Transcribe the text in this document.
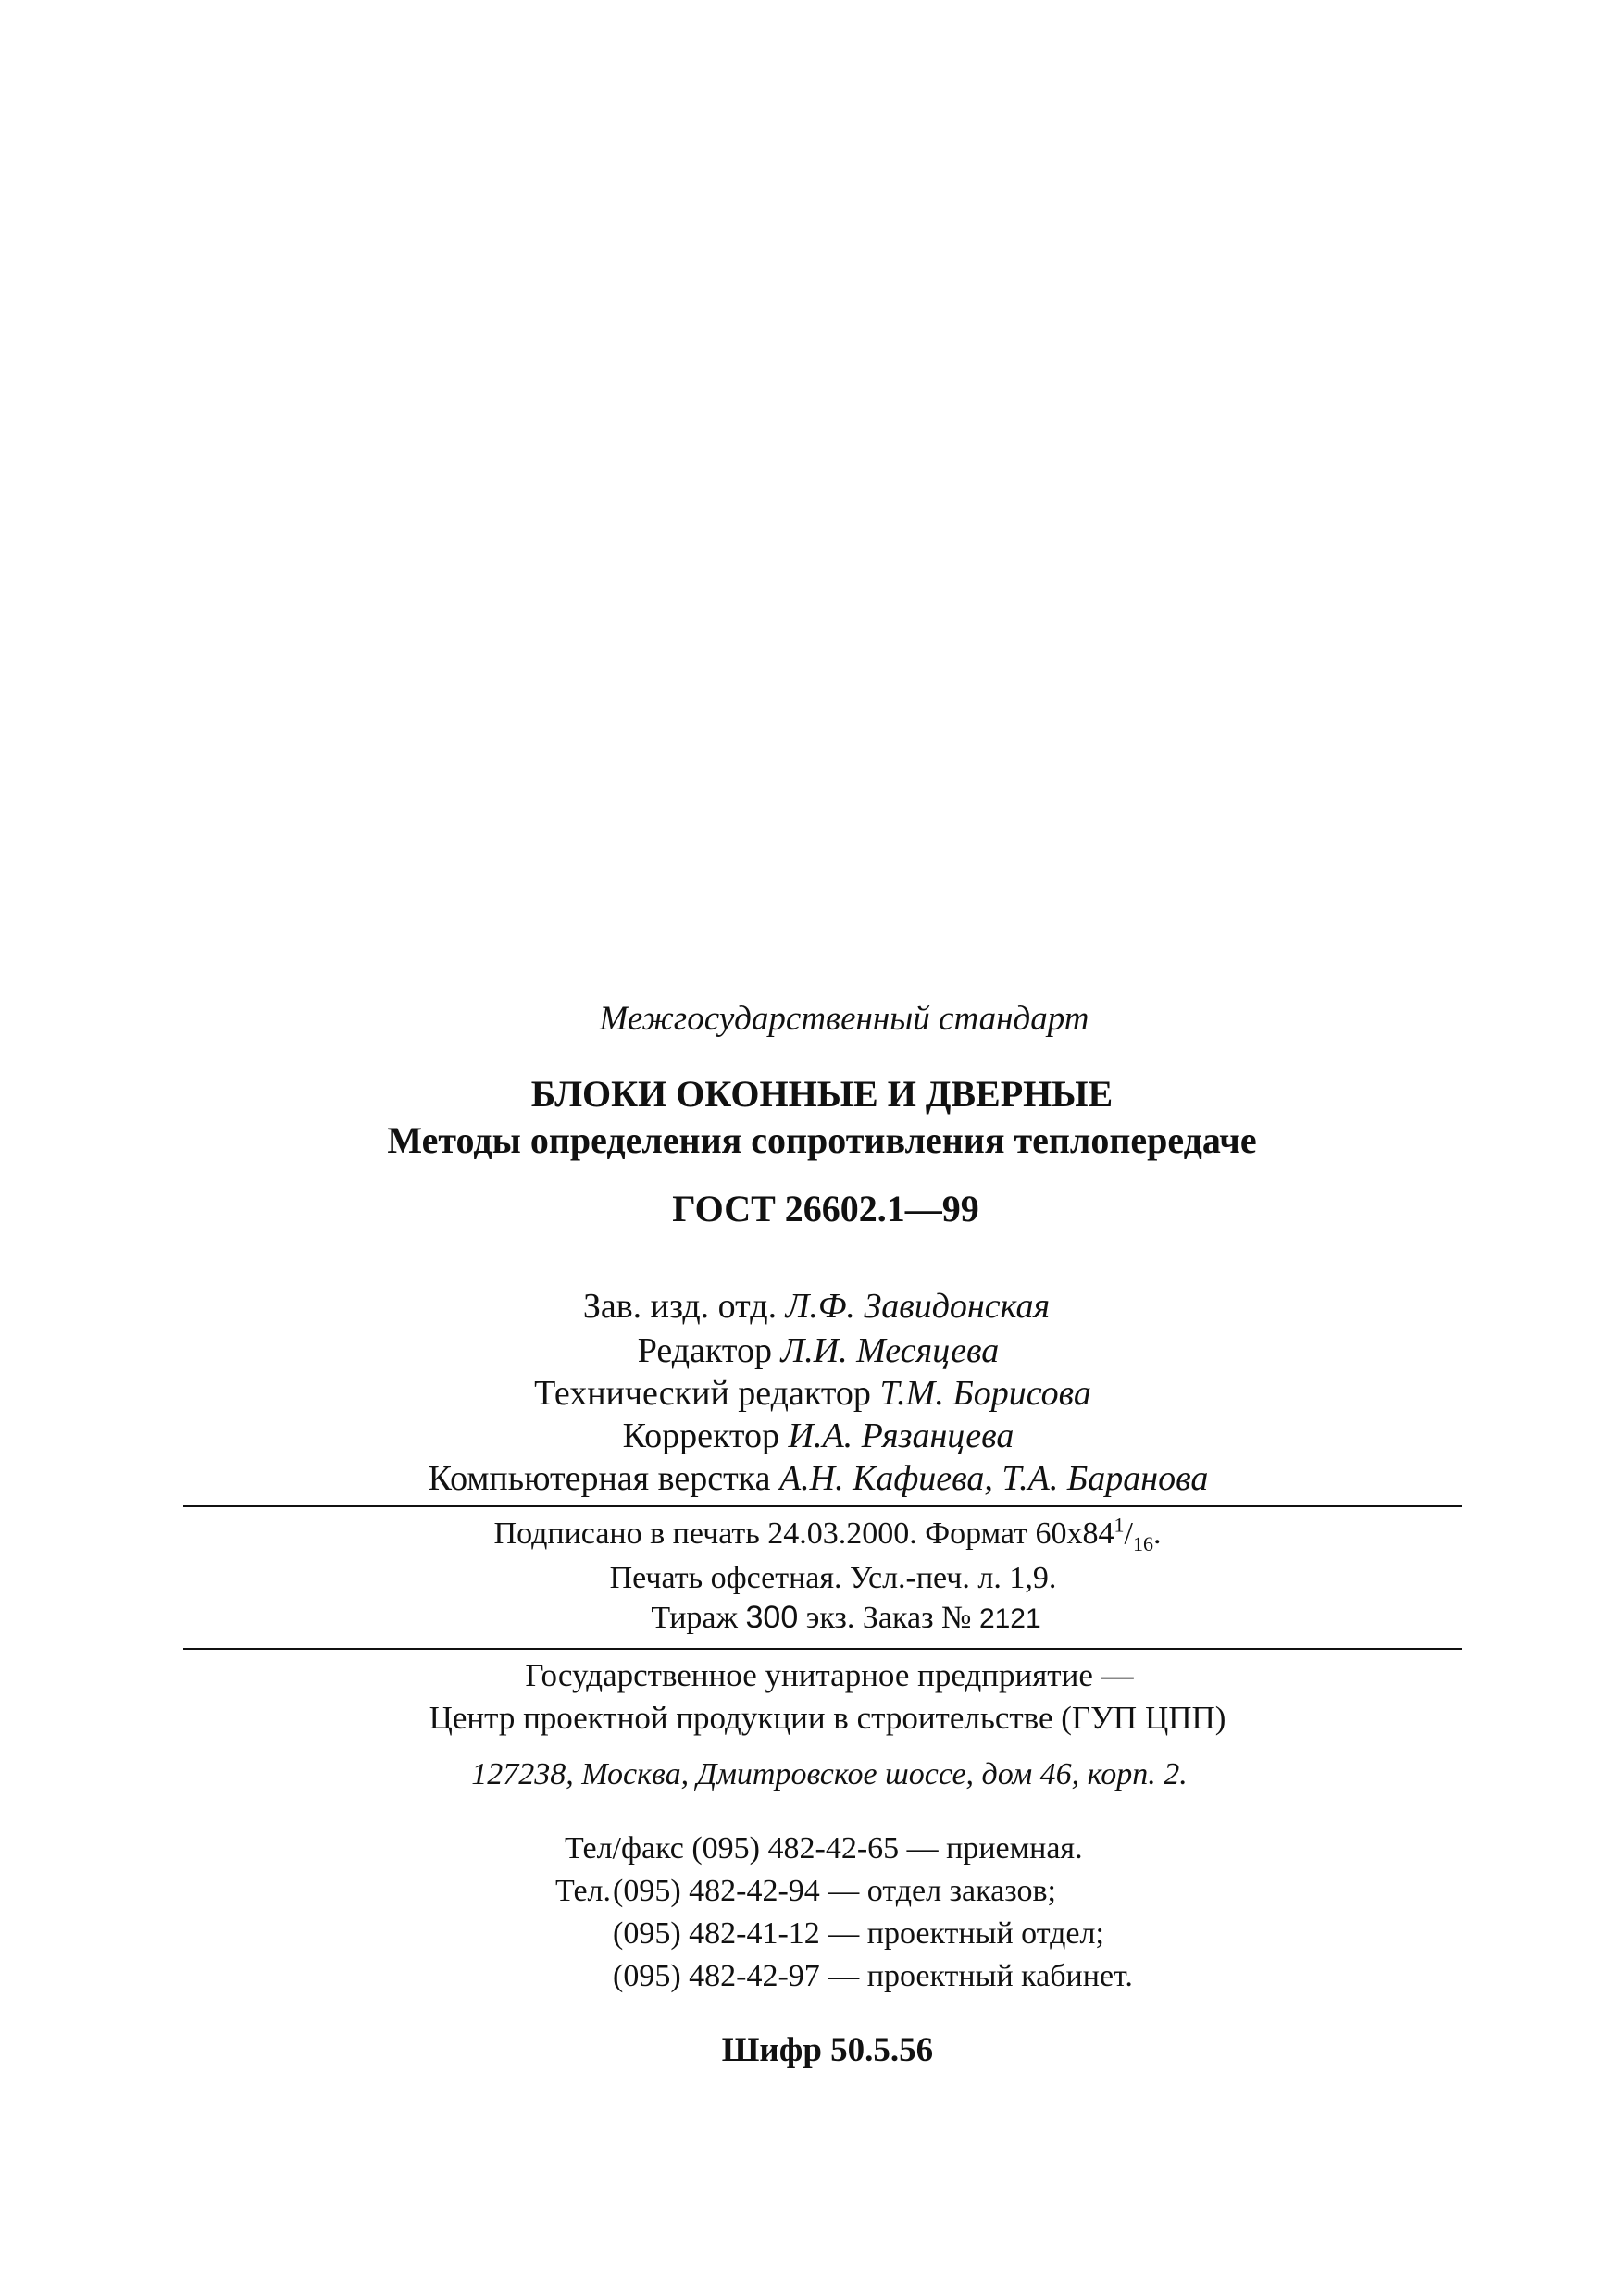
Межгосударственный стандарт
БЛОКИ ОКОННЫЕ И ДВЕРНЫЕ
Методы определения сопротивления теплопередаче
ГОСТ 26602.1—99
Зав. изд. отд. Л.Ф. Завидонская
Редактор Л.И. Месяцева
Технический редактор Т.М. Борисова
Корректор И.А. Рязанцева
Компьютерная верстка А.Н. Кафиева, Т.А. Баранова
Подписано в печать 24.03.2000. Формат $60х84^1/_{16}$.
Печать офсетная. Усл.-печ. л. 1,9.
Тираж 300 экз. Заказ № 2121
Государственное унитарное предприятие —
Центр проектной продукции в строительстве (ГУП ЦПП)
127238, Москва, Дмитровское шоссе, дом 46, корп. 2.
Тел/факс (095) 482-42-65 — приемная.
Тел. (095) 482-42-94 — отдел заказов;
(095) 482-41-12 — проектный отдел;
(095) 482-42-97 — проектный кабинет.
Шифр 50.5.56
